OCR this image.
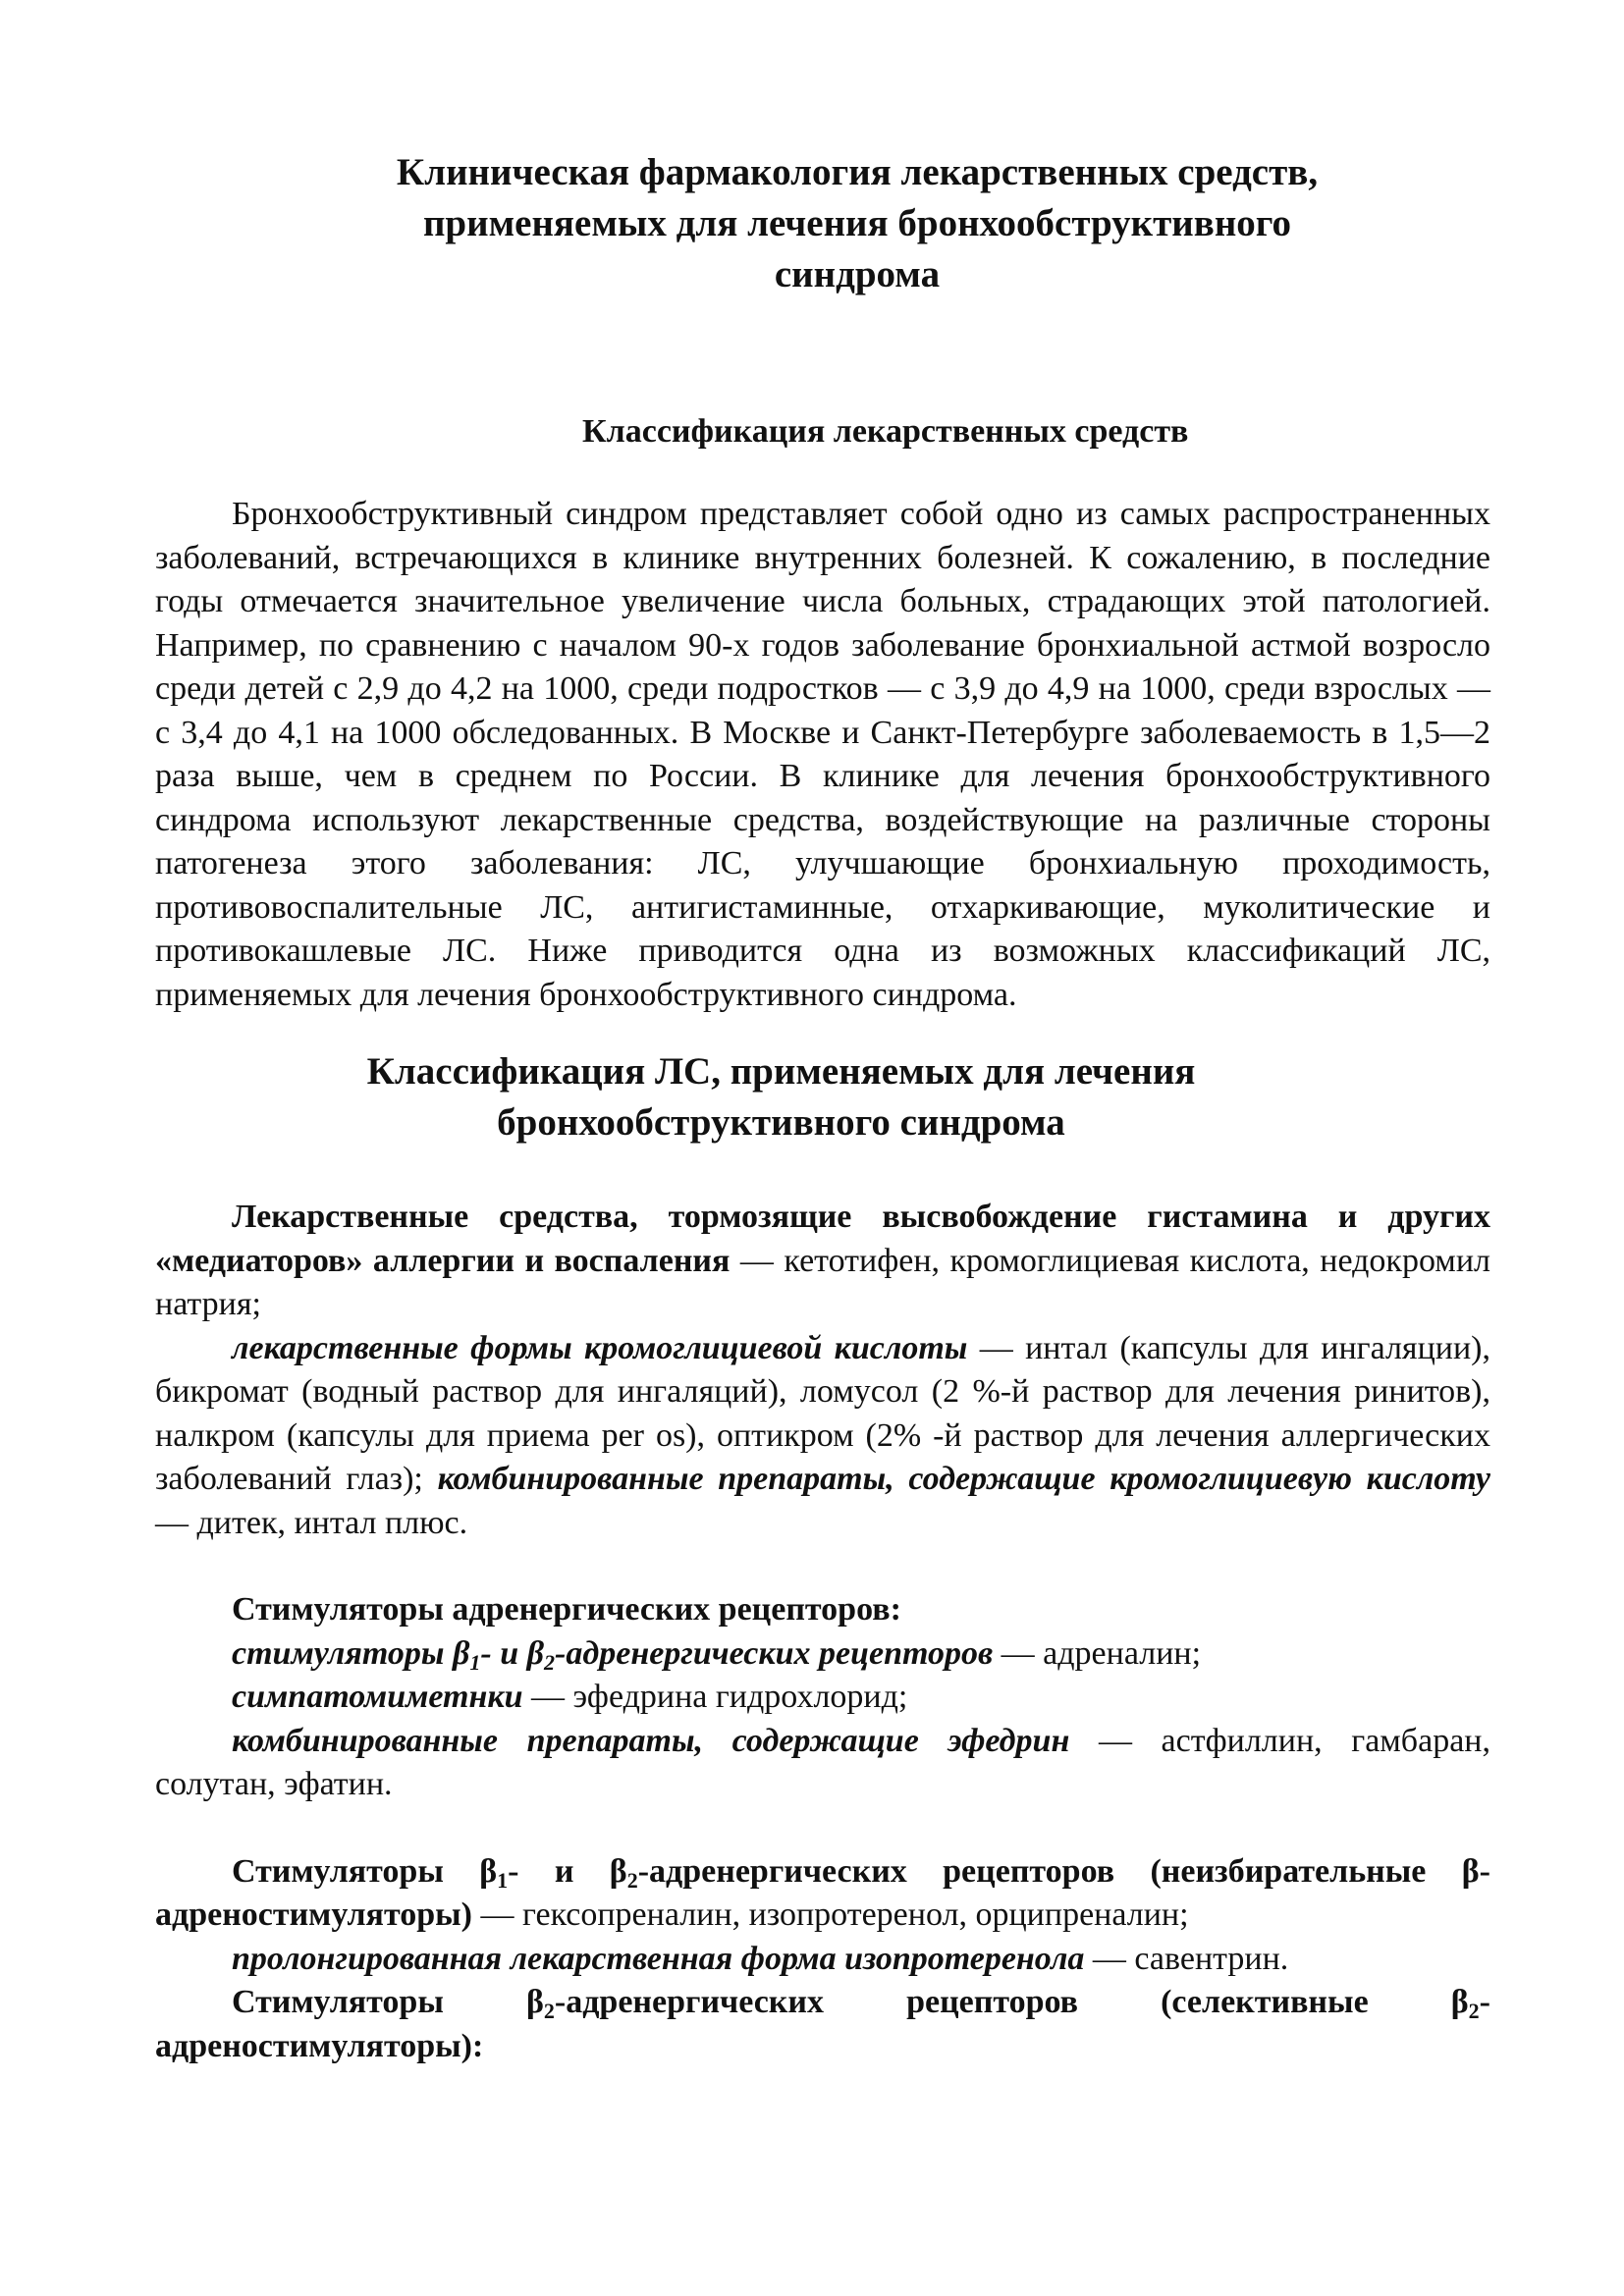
Клиническая фармакология лекарственных средств,
применяемых для лечения бронхообструктивного
синдрома
Классификация лекарственных средств

Бронхообструктивный синдром представляет собой одно из самых распространенных заболеваний, встречающихся в клинике внутренних болезней. К сожалению, в последние годы отмечается значительное увеличение числа больных, страдающих этой патологией. Например, по сравнению с началом 90-х годов заболевание бронхиальной астмой возросло среди детей с 2,9 до 4,2 на 1000, среди подростков — с 3,9 до 4,9 на 1000, среди взрослых — с 3,4 до 4,1 на 1000 обследованных. В Москве и Санкт-Петербурге заболеваемость в 1,5—2 раза выше, чем в среднем по России. В клинике для лечения бронхообструктивного синдрома используют лекарственные средства, воздействующие на различные стороны патогенеза этого заболевания: ЛС, улучшающие бронхиальную проходимость, противовоспалительные ЛС, антигистаминные, отхаркивающие, муколитические и противокашлевые ЛС. Ниже приводится одна из возможных классификаций ЛС, применяемых для лечения бронхообструктивного синдрома.

Классификация ЛС, применяемых для лечения
бронхообструктивного синдрома

Лекарственные средства, тормозящие высвобождение гистамина и других «медиаторов» аллергии и воспаления — кетотифен, кромоглициевая кислота, недокромил натрия;

лекарственные формы кромоглициевой кислоты — интал (капсулы для ингаляции), бикромат (водный раствор для ингаляций), ломусол (2 %-й раствор для лечения ринитов), налкром (капсулы для приема per os), оптикром (2% -й раствор для лечения аллергических заболеваний глаз); комбинированные препараты, содержащие кромоглициевую кислоту — дитек, интал плюс.

Стимуляторы адренергических рецепторов:

стимуляторы $\beta_1-$ и $\beta_2$-адренергических рецепторов — адреналин;

симпатомиметнки — эфедрина гидрохлорид;

комбинированные препараты, содержащие эфедрин — астфиллин, гамбаран, солутан, эфатин.

Стимуляторы $\beta_1-$ и $\beta_2$-адренергических рецепторов (неизбирательные β-адреностимуляторы) — гексопреналин, изопротеренол, орципреналин;

пролонгированная лекарственная форма изопротеренола — савентрин.

Стимуляторы $\beta_2$-адренергических рецепторов (селективные $\beta_2-адреностимуляторы$):
